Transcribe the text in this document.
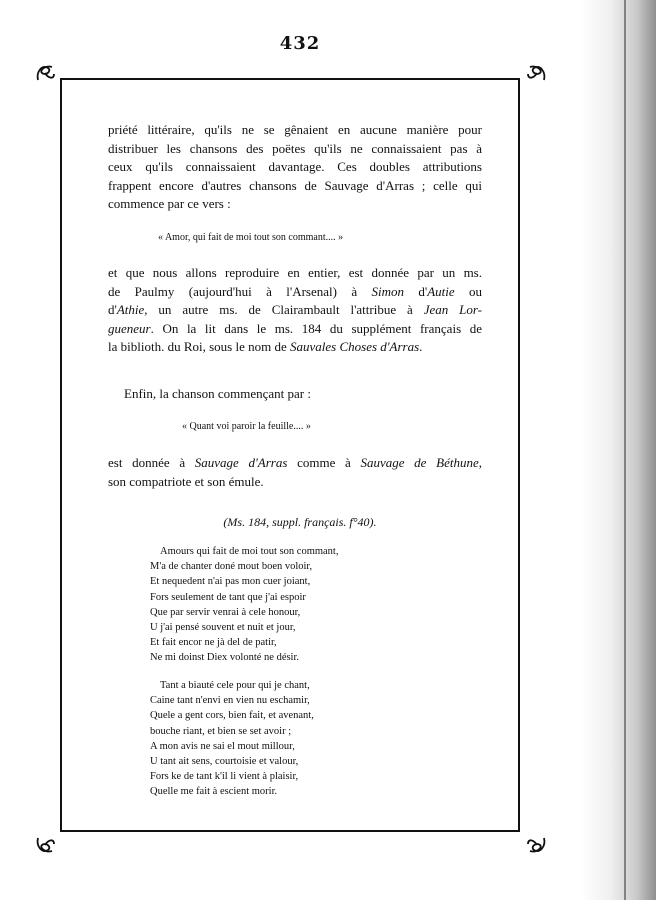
432
priété littéraire, qu'ils ne se gênaient en aucune manière pour
distribuer les chansons des poëtes qu'ils ne connaissaient pas à
ceux qu'ils connaissaient davantage. Ces doubles attributions
frappent encore d'autres chansons de Sauvage d'Arras ; celle qui
commence par ce vers :
« Amor, qui fait de moi tout son commant.... »
et que nous allons reproduire en entier, est donnée par un ms.
de Paulmy (aujourd'hui à l'Arsenal) à Simon d'Autie ou
d'Athie, un autre ms. de Clairambault l'attribue à Jean Lor-
gueneur. On la lit dans le ms. 184 du supplément français de
la biblioth. du Roi, sous le nom de Sauvales Choses d'Arras.
Enfin, la chanson commençant par :
« Quant voi paroir la feuille.... »
est donnée à Sauvage d'Arras comme à Sauvage de Béthune,
son compatriote et son émule.
(Ms. 184, suppl. français. f°40).
Amours qui fait de moi tout son commant,
M'a de chanter doné mout boen voloir,
Et nequedent n'ai pas mon cuer joiant,
Fors seulement de tant que j'ai espoir
Que par servir venrai à cele honour,
U j'ai pensé souvent et nuit et jour,
Et fait encor ne jà del de patir,
Ne mi doinst Diex volonté ne désir.
Tant a biauté cele pour qui je chant,
Caine tant n'envi en vien nu eschamir,
Quele a gent cors, bien fait, et avenant,
bouche riant, et bien se set avoir ;
A mon avis ne sai el mout millour,
U tant ait sens, courtoisie et valour,
Fors ke de tant k'il li vient à plaisir,
Quelle me fait à escient morir.
